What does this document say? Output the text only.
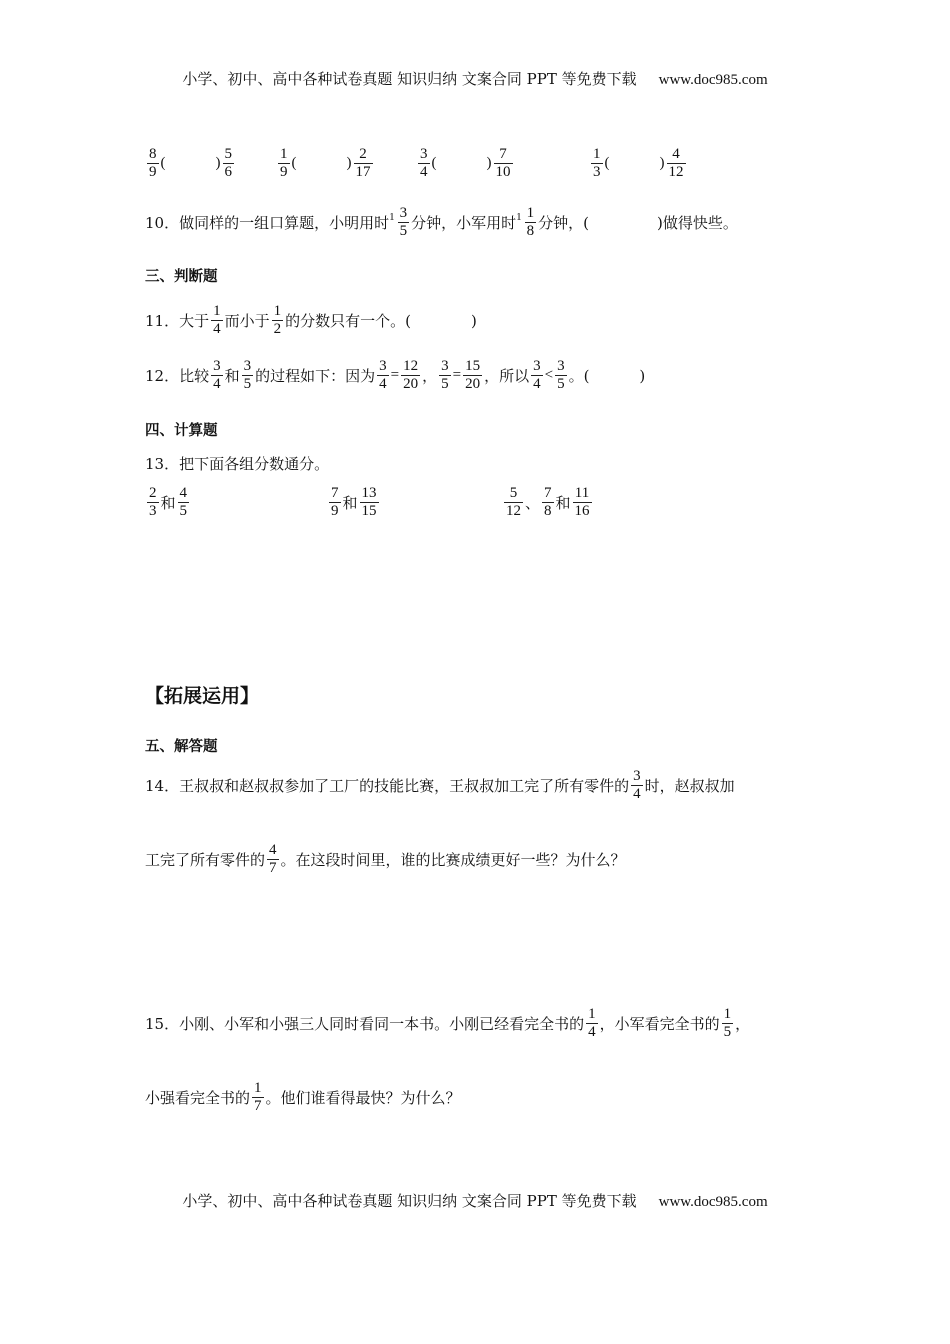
小学、初中、高中各种试卷真题 知识归纳 文案合同 PPT 等免费下载 www.doc985.com
$\frac{8}{9}$ (	) $\frac{5}{6}$	$\frac{1}{9}$ (	) $\frac{2}{17}$	$\frac{3}{4}$ (	) $\frac{7}{10}$	$\frac{1}{3}$ (	) $\frac{4}{12}$
10．做同样的一组口算题，小明用时 $1 \frac{3}{5}$ 分钟，小军用时 $1 \frac{1}{8}$ 分钟，(	) 做得快些。
三、判断题
11．大于 $\frac{1}{4}$ 而小于 $\frac{1}{2}$ 的分数只有一个。(	)
12．比较 $\frac{3}{4}$ 和 $\frac{3}{5}$ 的过程如下：因为 $\frac{3}{4} = \frac{12}{20}$ ， $\frac{3}{5} = \frac{15}{20}$ ，所以 $\frac{3}{4} < \frac{3}{5}$ 。(	)
四、计算题
13．把下面各组分数通分。
$\frac{2}{3}$ 和 $\frac{4}{5}$	$\frac{7}{9}$ 和 $\frac{13}{15}$	$\frac{5}{12}$ 、 $\frac{7}{8}$ 和 $\frac{11}{16}$
【拓展运用】
五、解答题
14．王叔叔和赵叔叔参加了工厂的技能比赛，王叔叔加工完了所有零件的 $\frac{3}{4}$ 时，赵叔叔加
工完了所有零件的 $\frac{4}{7}$ 。在这段时间里，谁的比赛成绩更好一些？为什么？
15．小刚、小军和小强三人同时看同一本书。小刚已经看完全书的 $\frac{1}{4}$ ，小军看完全书的 $\frac{1}{5}$ ，
小强看完全书的 $\frac{1}{7}$ 。他们谁看得最快？为什么？
小学、初中、高中各种试卷真题 知识归纳 文案合同 PPT 等免费下载 www.doc985.com
